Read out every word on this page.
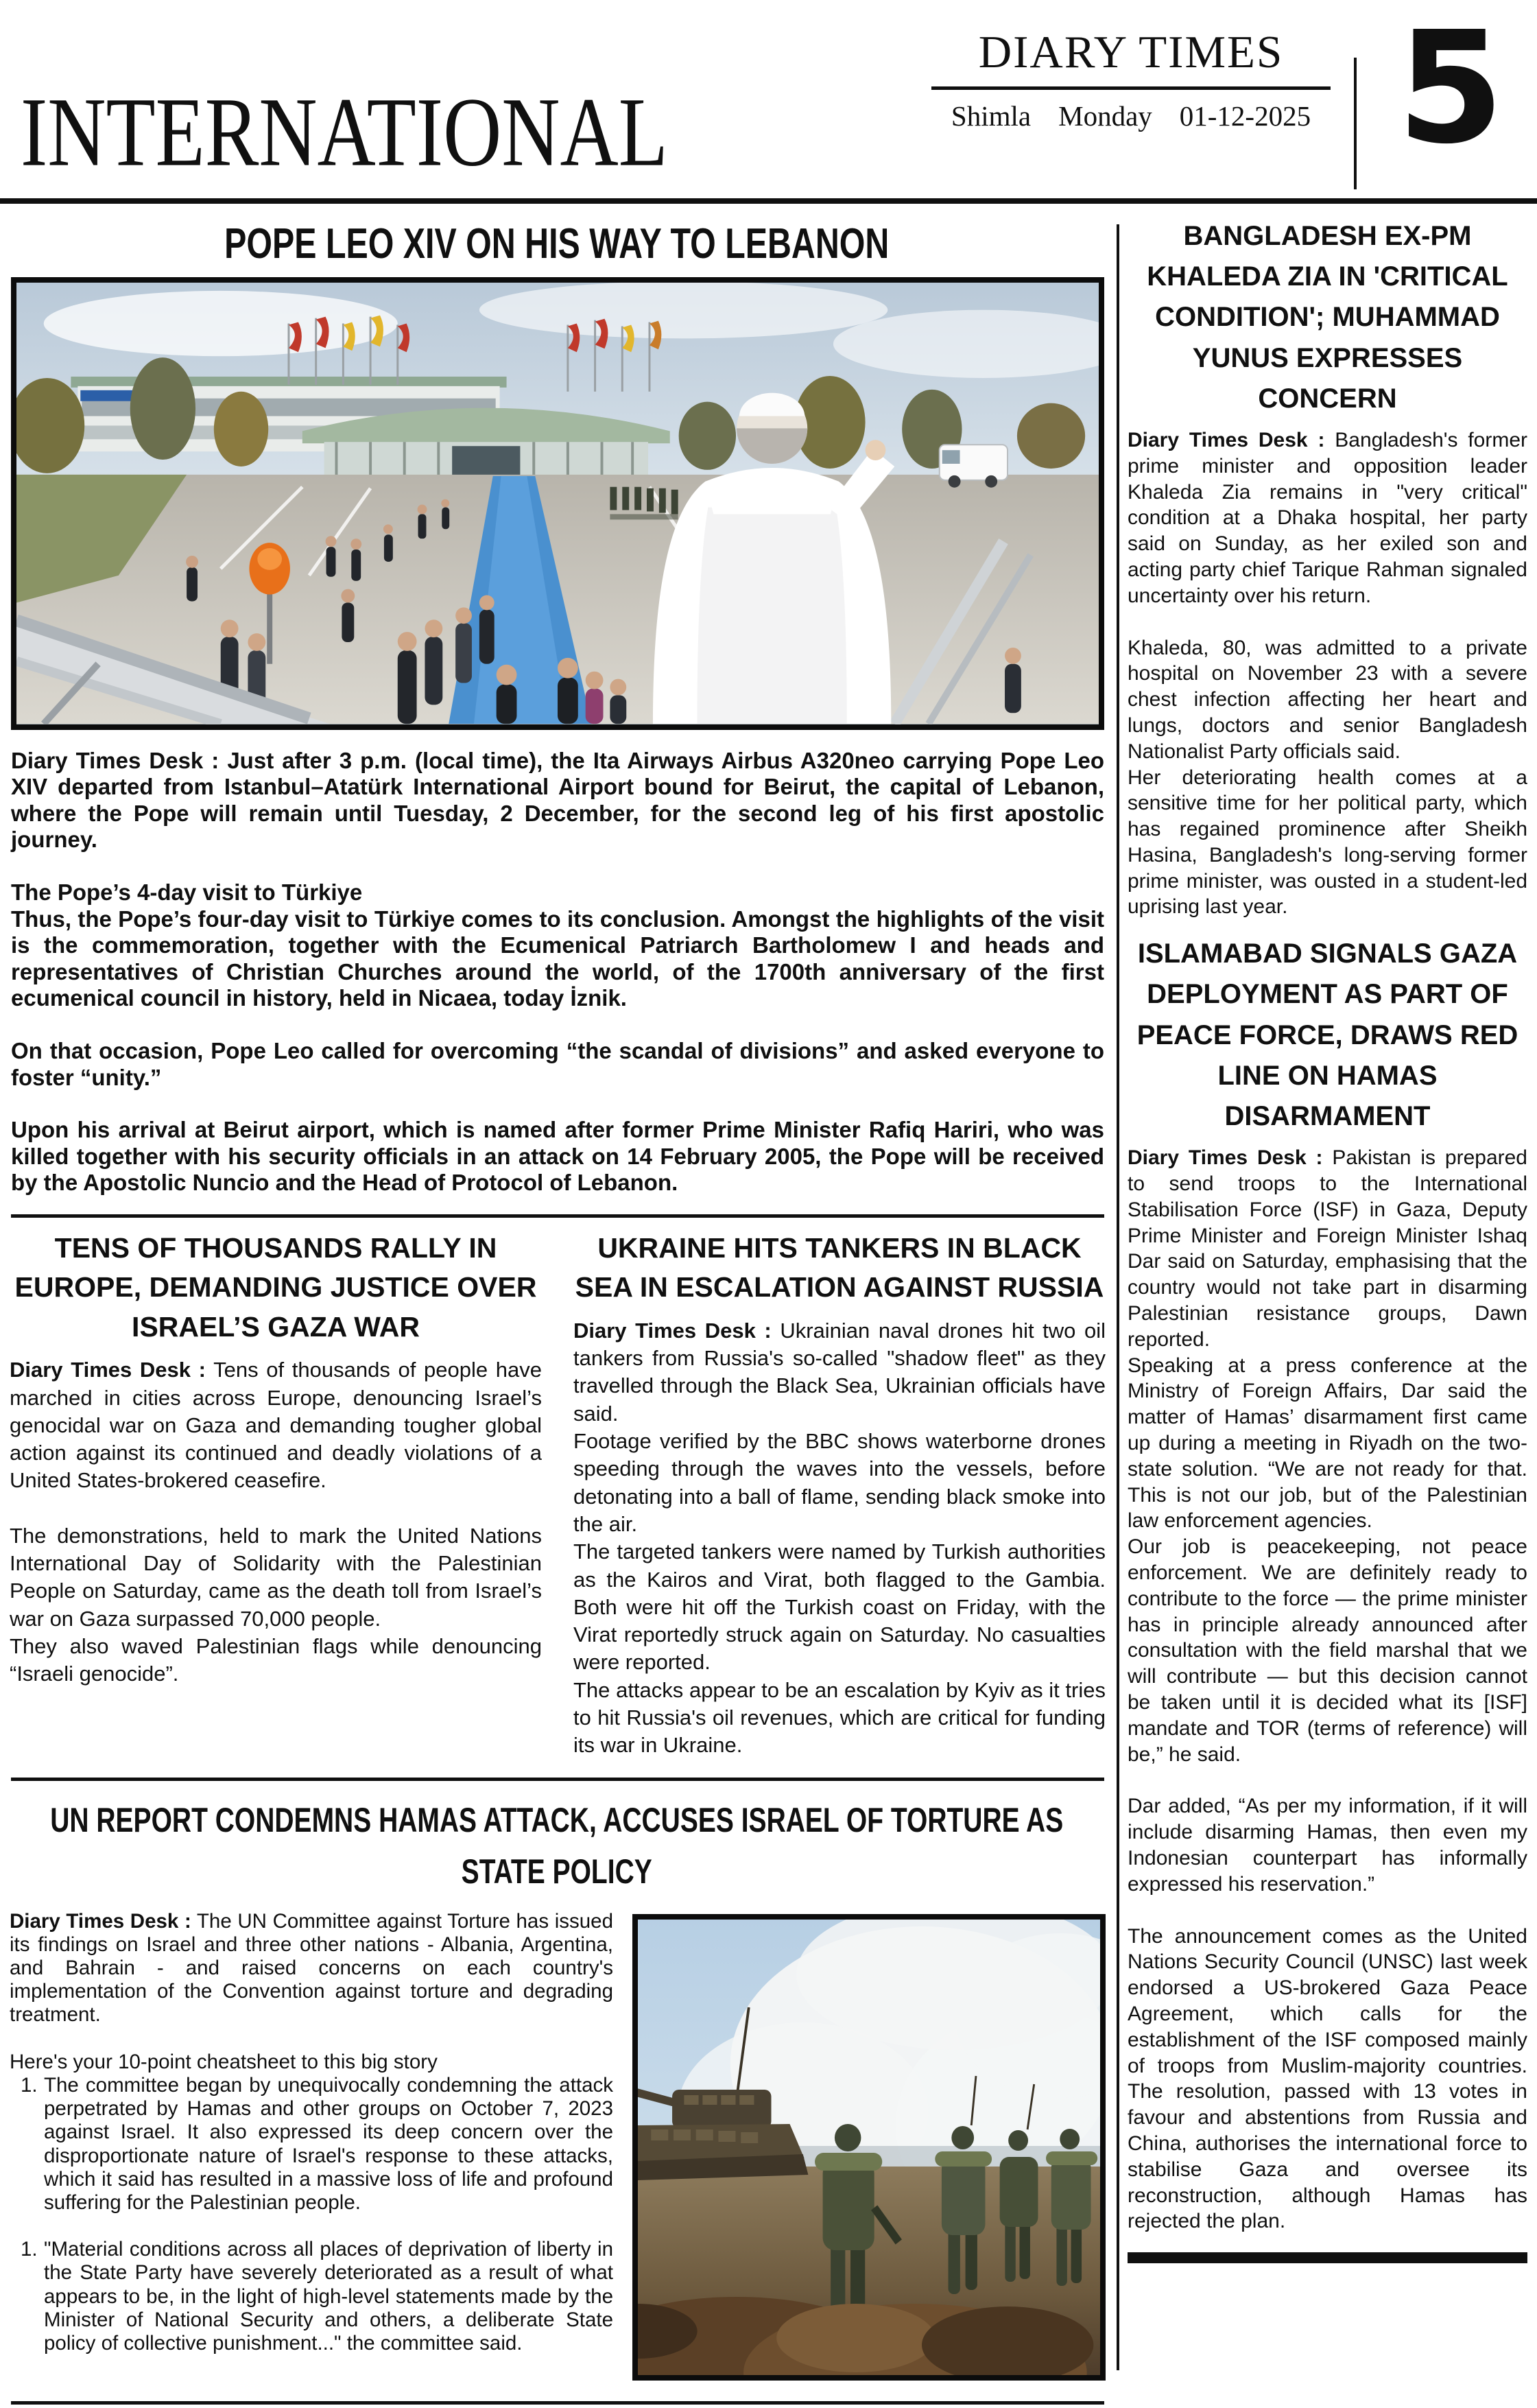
INTERNATIONAL
DIARY TIMES
Shimla Monday 01-12-2025 5
POPE LEO XIV ON HIS WAY TO LEBANON

Diary Times Desk : Just after 3 p.m. (local time), the Ita Airways Airbus A320neo carrying Pope Leo XIV departed from Istanbul–Atatürk International Airport bound for Beirut, the capital of Lebanon, where the Pope will remain until Tuesday, 2 December, for the second leg of his first apostolic journey.

The Pope’s 4-day visit to Türkiye

Thus, the Pope’s four-day visit to Türkiye comes to its conclusion. Amongst the highlights of the visit is the commemoration, together with the Ecumenical Patriarch Bartholomew I and heads and representatives of Christian Churches around the world, of the 1700th anniversary of the first ecumenical council in history, held in Nicaea, today İznik.

On that occasion, Pope Leo called for overcoming “the scandal of divisions” and asked everyone to foster “unity.”

Upon his arrival at Beirut airport, which is named after former Prime Minister Rafiq Hariri, who was killed together with his security officials in an attack on 14 February 2005, the Pope will be received by the Apostolic Nuncio and the Head of Protocol of Lebanon.

TENS OF THOUSANDS RALLY IN EUROPE, DEMANDING JUSTICE OVER ISRAEL’S GAZA WAR

Diary Times Desk : Tens of thousands of people have marched in cities across Europe, denouncing Israel’s genocidal war on Gaza and demanding tougher global action against its continued and deadly violations of a United States-brokered ceasefire.

The demonstrations, held to mark the United Nations International Day of Solidarity with the Palestinian People on Saturday, came as the death toll from Israel’s war on Gaza surpassed 70,000 people.

They also waved Palestinian flags while denouncing “Israeli genocide”.

UKRAINE HITS TANKERS IN BLACK SEA IN ESCALATION AGAINST RUSSIA

Diary Times Desk : Ukrainian naval drones hit two oil tankers from Russia's so-called "shadow fleet" as they travelled through the Black Sea, Ukrainian officials have said.

Footage verified by the BBC shows waterborne drones speeding through the waves into the vessels, before detonating into a ball of flame, sending black smoke into the air.

The targeted tankers were named by Turkish authorities as the Kairos and Virat, both flagged to the Gambia. Both were hit off the Turkish coast on Friday, with the Virat reportedly struck again on Saturday. No casualties were reported.

The attacks appear to be an escalation by Kyiv as it tries to hit Russia's oil revenues, which are critical for funding its war in Ukraine.

UN REPORT CONDEMNS HAMAS ATTACK, ACCUSES ISRAEL OF TORTURE AS STATE POLICY

Diary Times Desk : The UN Committee against Torture has issued its findings on Israel and three other nations - Albania, Argentina, and Bahrain - and raised concerns on each country's implementation of the Convention against torture and degrading treatment.

Here's your 10-point cheatsheet to this big story

1. The committee began by unequivocally condemning the attack perpetrated by Hamas and other groups on October 7, 2023 against Israel. It also expressed its deep concern over the disproportionate nature of Israel's response to these attacks, which it said has resulted in a massive loss of life and profound suffering for the Palestinian people.
1. "Material conditions across all places of deprivation of liberty in the State Party have severely deteriorated as a result of what appears to be, in the light of high-level statements made by the Minister of National Security and others, a deliberate State policy of collective punishment..." the committee said.
BANGLADESH EX-PM KHALEDA ZIA IN 'CRITICAL CONDITION'; MUHAMMAD YUNUS EXPRESSES CONCERN

Diary Times Desk : Bangladesh's former prime minister and opposition leader Khaleda Zia remains in "very critical" condition at a Dhaka hospital, her party said on Sunday, as her exiled son and acting party chief Tarique Rahman signaled uncertainty over his return.

Khaleda, 80, was admitted to a private hospital on November 23 with a severe chest infection affecting her heart and lungs, doctors and senior Bangladesh Nationalist Party officials said.

Her deteriorating health comes at a sensitive time for her political party, which has regained prominence after Sheikh Hasina, Bangladesh's long-serving former prime minister, was ousted in a student-led uprising last year.

ISLAMABAD SIGNALS GAZA DEPLOYMENT AS PART OF PEACE FORCE, DRAWS RED LINE ON HAMAS DISARMAMENT

Diary Times Desk : Pakistan is prepared to send troops to the International Stabilisation Force (ISF) in Gaza, Deputy Prime Minister and Foreign Minister Ishaq Dar said on Saturday, emphasising that the country would not take part in disarming Palestinian resistance groups, Dawn reported.

Speaking at a press conference at the Ministry of Foreign Affairs, Dar said the matter of Hamas’ disarmament first came up during a meeting in Riyadh on the two-state solution. “We are not ready for that. This is not our job, but of the Palestinian law enforcement agencies.

Our job is peacekeeping, not peace enforcement. We are definitely ready to contribute to the force — the prime minister has in principle already announced after consultation with the field marshal that we will contribute — but this decision cannot be taken until it is decided what its [ISF] mandate and TOR (terms of reference) will be,” he said.

Dar added, “As per my information, if it will include disarming Hamas, then even my Indonesian counterpart has informally expressed his reservation.”

The announcement comes as the United Nations Security Council (UNSC) last week endorsed a US-brokered Gaza Peace Agreement, which calls for the establishment of the ISF composed mainly of troops from Muslim-majority countries. The resolution, passed with 13 votes in favour and abstentions from Russia and China, authorises the international force to stabilise Gaza and oversee its reconstruction, although Hamas has rejected the plan.
